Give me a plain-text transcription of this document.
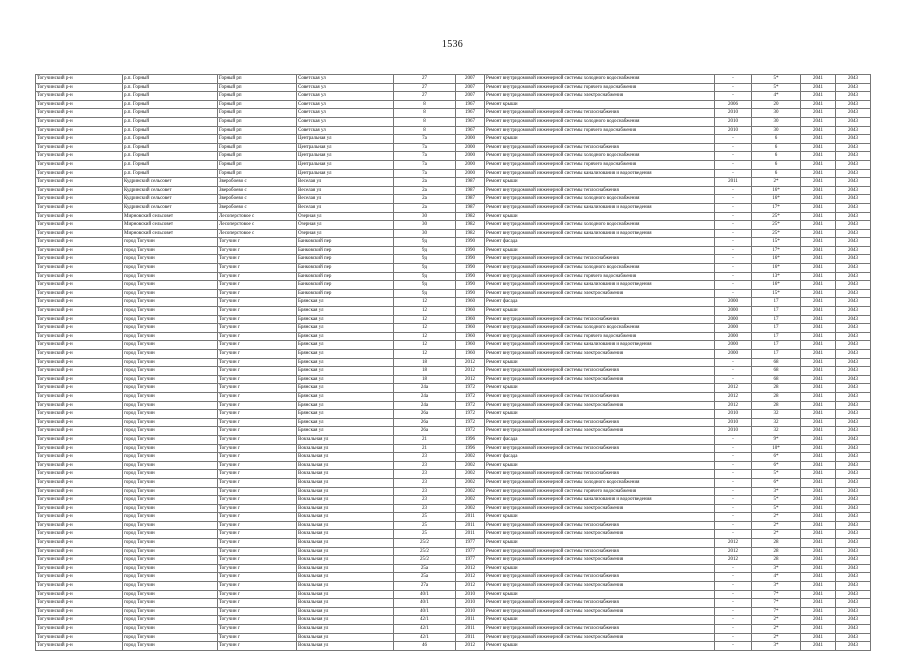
1536
Тогучинский р-н	р.п. Горный	Горный рп	Советская ул	27	2007	Ремонт внутридомовой инженерной системы холодного водоснабжения	-	5*	2041	2043
Тогучинский р-н	р.п. Горный	Горный рп	Советская ул	27	2007	Ремонт внутридомовой инженерной системы горячего водоснабжения	-	5*	2041	2043
Тогучинский р-н	р.п. Горный	Горный рп	Советская ул	27	2007	Ремонт внутридомовой инженерной системы электроснабжения	-	4*	2041	2043
Тогучинский р-н	р.п. Горный	Горный рп	Советская ул	8	1967	Ремонт крыши	2006	20	2041	2043
Тогучинский р-н	р.п. Горный	Горный рп	Советская ул	8	1967	Ремонт внутридомовой инженерной системы теплоснабжения	2010	30	2041	2043
Тогучинский р-н	р.п. Горный	Горный рп	Советская ул	8	1967	Ремонт внутридомовой инженерной системы холодного водоснабжения	2010	30	2041	2043
Тогучинский р-н	р.п. Горный	Горный рп	Советская ул	8	1967	Ремонт внутридомовой инженерной системы горячего водоснабжения	2010	30	2041	2043
Тогучинский р-н	р.п. Горный	Горный рп	Центральная ул	7а	2000	Ремонт крыши	-	6	2041	2043
Тогучинский р-н	р.п. Горный	Горный рп	Центральная ул	7а	2000	Ремонт внутридомовой инженерной системы теплоснабжения	-	6	2041	2043
Тогучинский р-н	р.п. Горный	Горный рп	Центральная ул	7а	2000	Ремонт внутридомовой инженерной системы холодного водоснабжения	-	6	2041	2043
Тогучинский р-н	р.п. Горный	Горный рп	Центральная ул	7а	2000	Ремонт внутридомовой инженерной системы горячего водоснабжения	-	6	2041	2043
Тогучинский р-н	р.п. Горный	Горный рп	Центральная ул	7а	2000	Ремонт внутридомовой инженерной системы канализования и водоотведения	-	6	2041	2043
Тогучинский р-н	Кудринский сельсовет	Зверобоево с	Веселая ул	2а	1987	Ремонт крыши	2011	2*	2041	2043
Тогучинский р-н	Кудринский сельсовет	Зверобоево с	Веселая ул	2а	1987	Ремонт внутридомовой инженерной системы теплоснабжения	-	16*	2041	2043
Тогучинский р-н	Кудринский сельсовет	Зверобоево с	Веселая ул	2а	1987	Ремонт внутридомовой инженерной системы холодного водоснабжения	-	16*	2041	2043
Тогучинский р-н	Кудринский сельсовет	Зверобоево с	Веселая ул	2а	1987	Ремонт внутридомовой инженерной системы канализования и водоотведения	-	17*	2041	2043
Тогучинский р-н	Мирновский сельсовет	Лесоперстовое с	Озерная ул	30	1982	Ремонт крыши	-	25*	2041	2043
Тогучинский р-н	Мирновский сельсовет	Лесоперстовое с	Озерная ул	30	1982	Ремонт внутридомовой инженерной системы холодного водоснабжения	-	25*	2041	2043
Тогучинский р-н	Мирновский сельсовет	Лесоперстовое с	Озерная ул	30	1982	Ремонт внутридомовой инженерной системы канализования и водоотведения	-	25*	2041	2043
Тогучинский р-н	город Тогучин	Тогучин г	Банковский пер	9д	1990	Ремонт фасада	-	15*	2041	2043
Тогучинский р-н	город Тогучин	Тогучин г	Банковский пер	9д	1990	Ремонт крыши	-	17*	2041	2043
Тогучинский р-н	город Тогучин	Тогучин г	Банковский пер	9д	1990	Ремонт внутридомовой инженерной системы теплоснабжения	-	16*	2041	2043
Тогучинский р-н	город Тогучин	Тогучин г	Банковский пер	9д	1990	Ремонт внутридомовой инженерной системы холодного водоснабжения	-	16*	2041	2043
Тогучинский р-н	город Тогучин	Тогучин г	Банковский пер	9д	1990	Ремонт внутридомовой инженерной системы горячего водоснабжения	-	13*	2041	2043
Тогучинский р-н	город Тогучин	Тогучин г	Банковский пер	9д	1990	Ремонт внутридомовой инженерной системы канализования и водоотведения	-	16*	2041	2043
Тогучинский р-н	город Тогучин	Тогучин г	Банковский пер	9д	1990	Ремонт внутридомовой инженерной системы электроснабжения	-	15*	2041	2043
Тогучинский р-н	город Тогучин	Тогучин г	Брянская ул	12	1960	Ремонт фасада	2000	17	2041	2043
Тогучинский р-н	город Тогучин	Тогучин г	Брянская ул	12	1960	Ремонт крыши	2000	17	2041	2043
Тогучинский р-н	город Тогучин	Тогучин г	Брянская ул	12	1960	Ремонт внутридомовой инженерной системы теплоснабжения	2000	17	2041	2043
Тогучинский р-н	город Тогучин	Тогучин г	Брянская ул	12	1960	Ремонт внутридомовой инженерной системы холодного водоснабжения	2000	17	2041	2043
Тогучинский р-н	город Тогучин	Тогучин г	Брянская ул	12	1960	Ремонт внутридомовой инженерной системы горячего водоснабжения	2000	17	2041	2043
Тогучинский р-н	город Тогучин	Тогучин г	Брянская ул	12	1960	Ремонт внутридомовой инженерной системы канализования и водоотведения	2000	17	2041	2043
Тогучинский р-н	город Тогучин	Тогучин г	Брянская ул	12	1960	Ремонт внутридомовой инженерной системы электроснабжения	2000	17	2041	2043
Тогучинский р-н	город Тогучин	Тогучин г	Брянская ул	18	2012	Ремонт крыши	-	68	2041	2043
Тогучинский р-н	город Тогучин	Тогучин г	Брянская ул	18	2012	Ремонт внутридомовой инженерной системы теплоснабжения	-	68	2041	2043
Тогучинский р-н	город Тогучин	Тогучин г	Брянская ул	18	2012	Ремонт внутридомовой инженерной системы электроснабжения	-	68	2041	2043
Тогучинский р-н	город Тогучин	Тогучин г	Брянская ул	24а	1972	Ремонт крыши	2012	28	2041	2043
Тогучинский р-н	город Тогучин	Тогучин г	Брянская ул	24а	1972	Ремонт внутридомовой инженерной системы теплоснабжения	2012	28	2041	2043
Тогучинский р-н	город Тогучин	Тогучин г	Брянская ул	24а	1972	Ремонт внутридомовой инженерной системы электроснабжения	2012	28	2041	2043
Тогучинский р-н	город Тогучин	Тогучин г	Брянская ул	26а	1972	Ремонт крыши	2010	32	2041	2043
Тогучинский р-н	город Тогучин	Тогучин г	Брянская ул	26а	1972	Ремонт внутридомовой инженерной системы теплоснабжения	2010	32	2041	2043
Тогучинский р-н	город Тогучин	Тогучин г	Брянская ул	26а	1972	Ремонт внутридомовой инженерной системы электроснабжения	2010	32	2041	2043
Тогучинский р-н	город Тогучин	Тогучин г	Вокзальная ул	21	1996	Ремонт фасада	-	9*	2041	2043
Тогучинский р-н	город Тогучин	Тогучин г	Вокзальная ул	21	1996	Ремонт внутридомовой инженерной системы теплоснабжения	-	10*	2041	2043
Тогучинский р-н	город Тогучин	Тогучин г	Вокзальная ул	23	2002	Ремонт фасада	-	6*	2041	2043
Тогучинский р-н	город Тогучин	Тогучин г	Вокзальная ул	23	2002	Ремонт крыши	-	6*	2041	2043
Тогучинский р-н	город Тогучин	Тогучин г	Вокзальная ул	23	2002	Ремонт внутридомовой инженерной системы теплоснабжения	-	5*	2041	2043
Тогучинский р-н	город Тогучин	Тогучин г	Вокзальная ул	23	2002	Ремонт внутридомовой инженерной системы холодного водоснабжения	-	6*	2041	2043
Тогучинский р-н	город Тогучин	Тогучин г	Вокзальная ул	23	2002	Ремонт внутридомовой инженерной системы горячего водоснабжения	-	3*	2041	2043
Тогучинский р-н	город Тогучин	Тогучин г	Вокзальная ул	23	2002	Ремонт внутридомовой инженерной системы канализования и водоотведения	-	5*	2041	2043
Тогучинский р-н	город Тогучин	Тогучин г	Вокзальная ул	23	2002	Ремонт внутридомовой инженерной системы электроснабжения	-	5*	2041	2043
Тогучинский р-н	город Тогучин	Тогучин г	Вокзальная ул	25	2011	Ремонт крыши	-	2*	2041	2043
Тогучинский р-н	город Тогучин	Тогучин г	Вокзальная ул	25	2011	Ремонт внутридомовой инженерной системы теплоснабжения	-	2*	2041	2043
Тогучинский р-н	город Тогучин	Тогучин г	Вокзальная ул	25	2011	Ремонт внутридомовой инженерной системы электроснабжения	-	2*	2041	2043
Тогучинский р-н	город Тогучин	Тогучин г	Вокзальная ул	25/2	1977	Ремонт крыши	2012	28	2041	2043
Тогучинский р-н	город Тогучин	Тогучин г	Вокзальная ул	25/2	1977	Ремонт внутридомовой инженерной системы теплоснабжения	2012	28	2041	2043
Тогучинский р-н	город Тогучин	Тогучин г	Вокзальная ул	25/2	1977	Ремонт внутридомовой инженерной системы электроснабжения	2012	28	2041	2043
Тогучинский р-н	город Тогучин	Тогучин г	Вокзальная ул	25а	2012	Ремонт крыши	-	3*	2041	2043
Тогучинский р-н	город Тогучин	Тогучин г	Вокзальная ул	25а	2012	Ремонт внутридомовой инженерной системы теплоснабжения	-	4*	2041	2043
Тогучинский р-н	город Тогучин	Тогучин г	Вокзальная ул	27а	2012	Ремонт внутридомовой инженерной системы электроснабжения	-	3*	2041	2043
Тогучинский р-н	город Тогучин	Тогучин г	Вокзальная ул	40/1	2010	Ремонт крыши	-	7*	2041	2043
Тогучинский р-н	город Тогучин	Тогучин г	Вокзальная ул	40/1	2010	Ремонт внутридомовой инженерной системы теплоснабжения	-	7*	2041	2043
Тогучинский р-н	город Тогучин	Тогучин г	Вокзальная ул	40/1	2010	Ремонт внутридомовой инженерной системы электроснабжения	-	7*	2041	2043
Тогучинский р-н	город Тогучин	Тогучин г	Вокзальная ул	42/1	2011	Ремонт крыши	-	2*	2041	2043
Тогучинский р-н	город Тогучин	Тогучин г	Вокзальная ул	42/1	2011	Ремонт внутридомовой инженерной системы теплоснабжения	-	2*	2041	2043
Тогучинский р-н	город Тогучин	Тогучин г	Вокзальная ул	42/1	2011	Ремонт внутридомовой инженерной системы электроснабжения	-	2*	2041	2043
Тогучинский р-н	город Тогучин	Тогучин г	Вокзальная ул	46	2012	Ремонт крыши	-	3*	2041	2043
